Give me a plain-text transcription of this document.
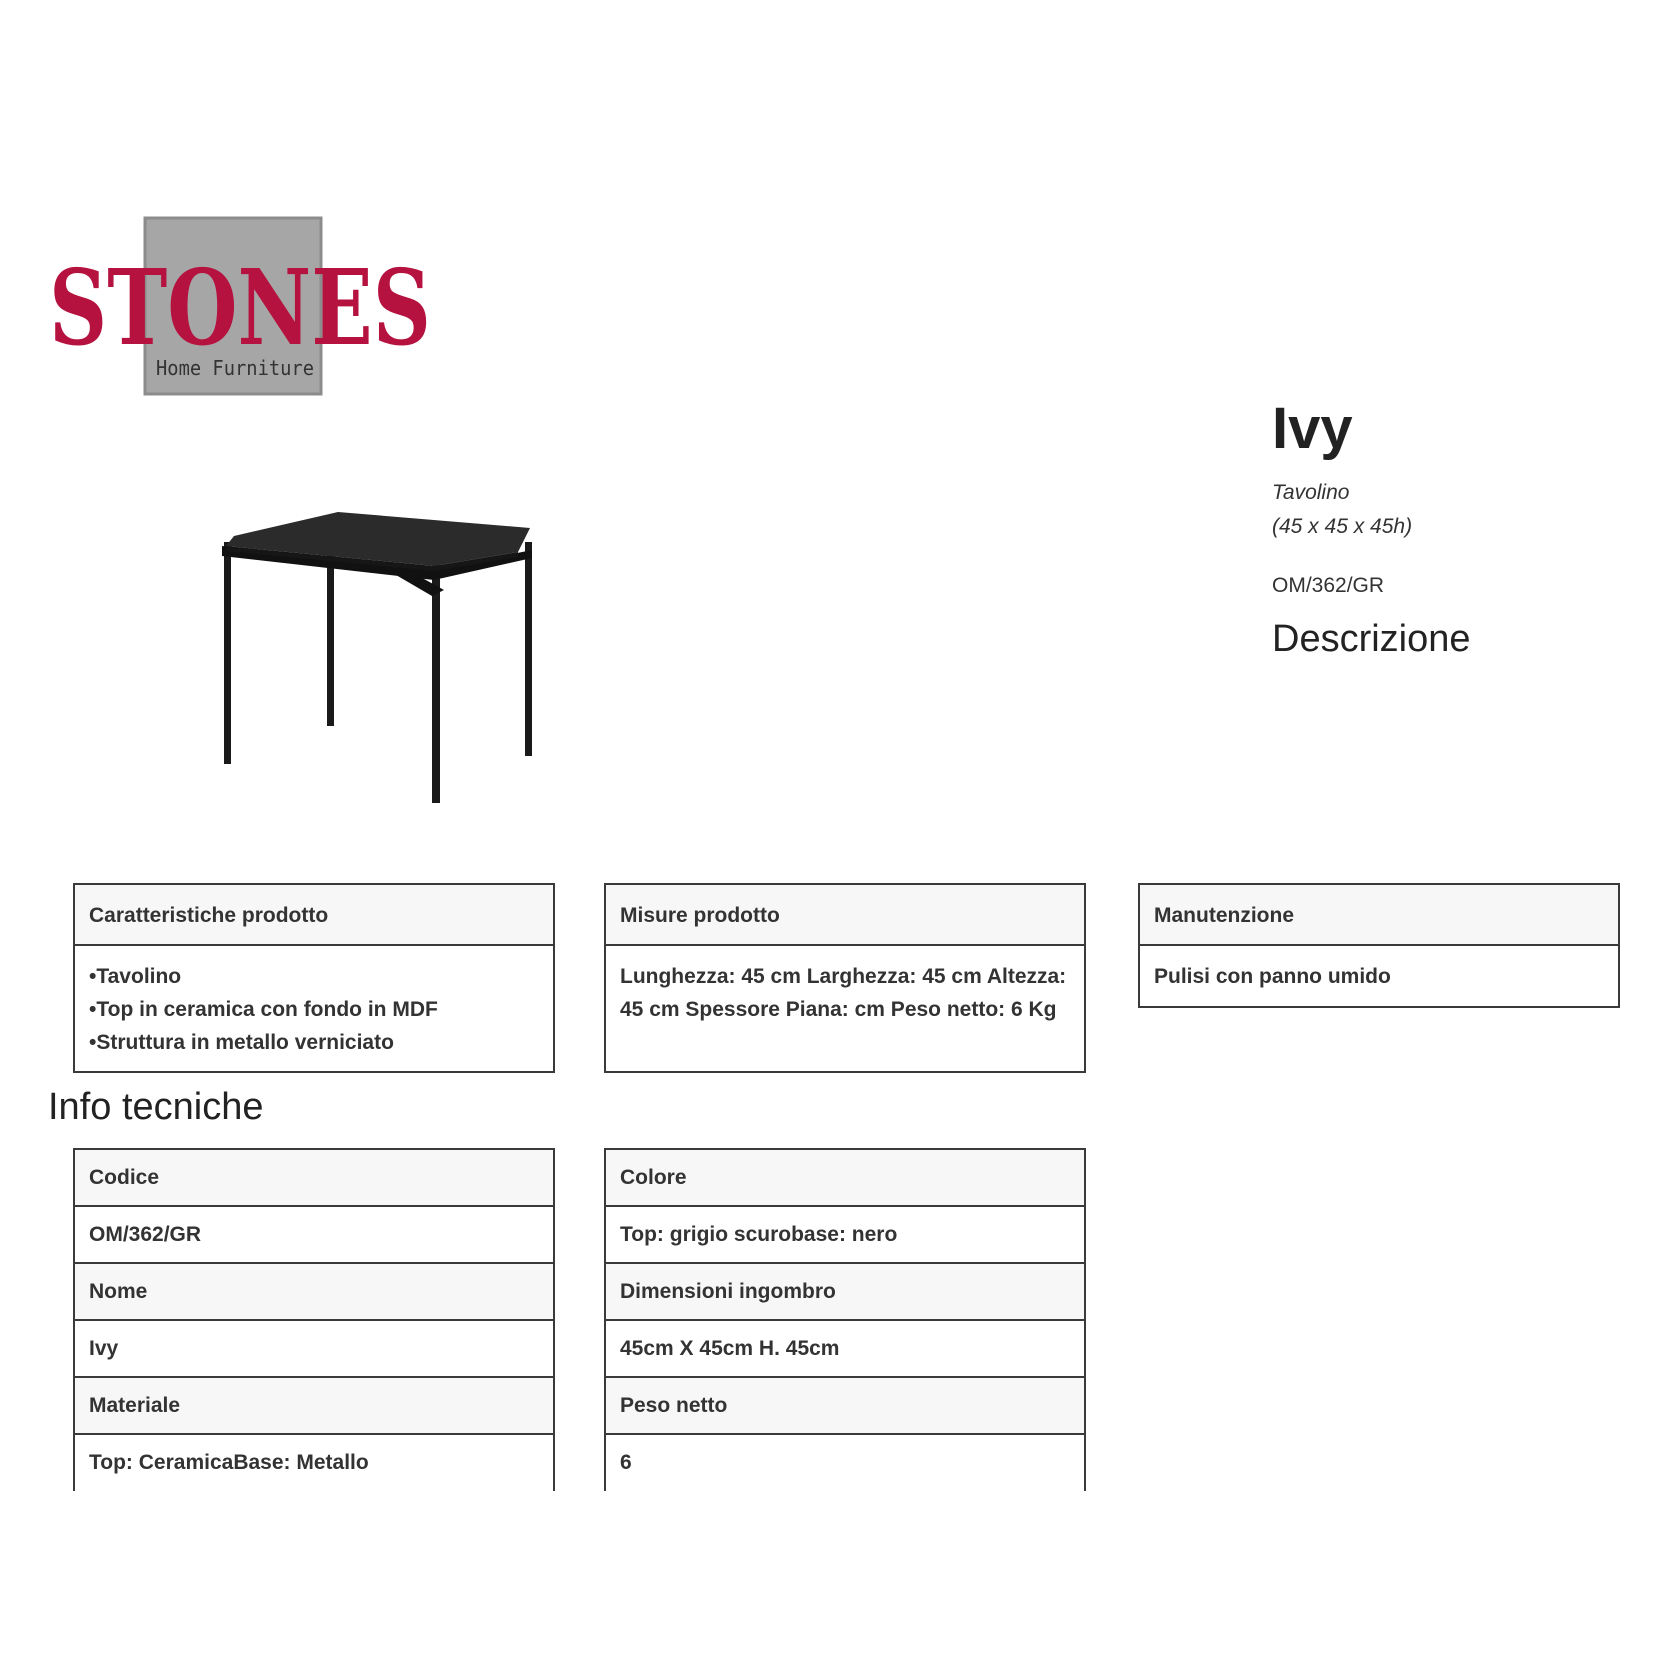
STONES
Home Furniture
Ivy
Tavolino
(45 x 45 x 45h)
OM/362/GR
Descrizione
Caratteristiche prodotto
• Tavolino
• Top in ceramica con fondo in MDF
• Struttura in metallo verniciato
Misure prodotto
Lunghezza: 45 cm Larghezza: 45 cm Altezza: 45 cm Spessore Piana: cm Peso netto: 6 Kg
Manutenzione
Pulisi con panno umido
Info tecniche
Codice
OM/362/GR
Nome
Ivy
Materiale
Top: CeramicaBase: Metallo
Colore
Top: grigio scurobase: nero
Dimensioni ingombro
45cm X 45cm H. 45cm
Peso netto
6
